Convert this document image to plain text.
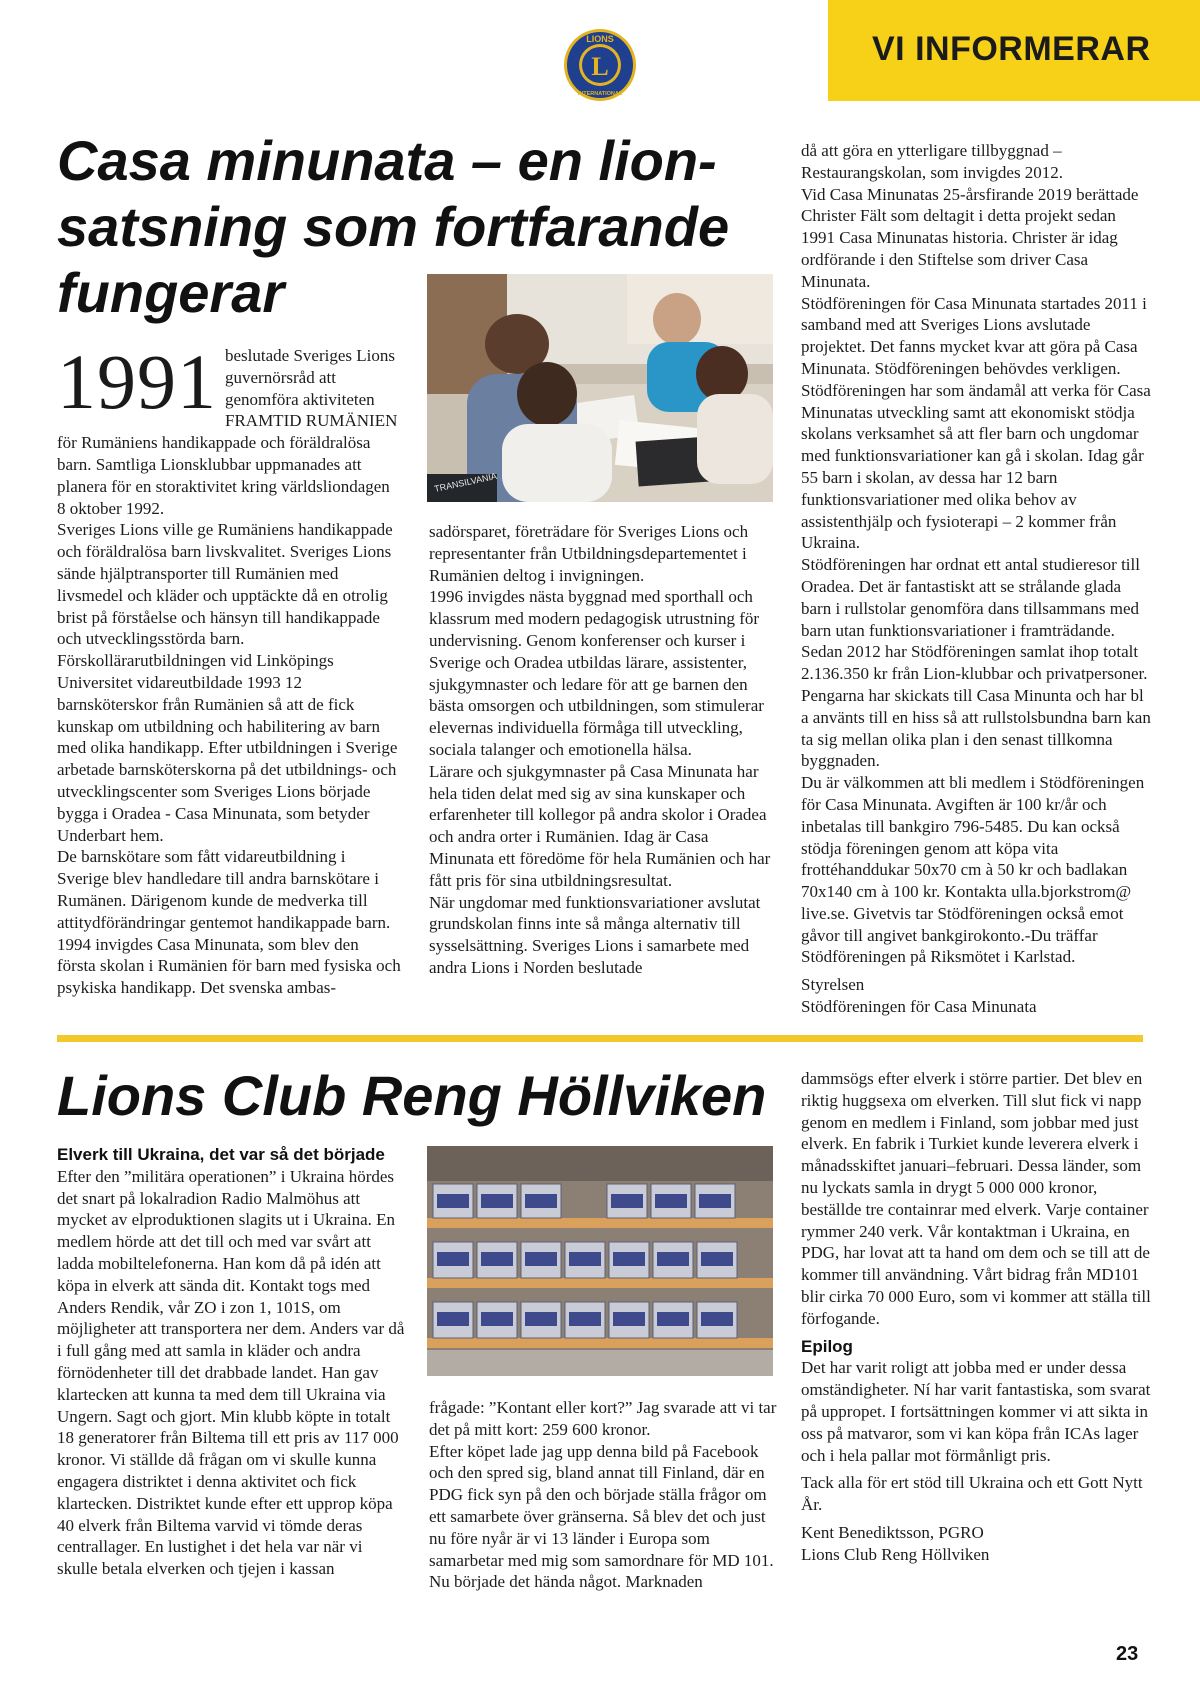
VI INFORMERAR
LIONS
INTERNATIONAL
L
Casa minunata – en lion-satsning som fortfarande fungerar
TRANSILVANIA
1991 beslutade Sveriges Lions guvernörsråd att genomföra aktiviteten FRAMTID RUMÄNIEN för Rumäniens handikappade och föräldralösa barn. Samtliga Lionsklubbar uppmanades att planera för en storaktivitet kring världsliondagen 8 oktober 1992.

Sveriges Lions ville ge Rumäniens handikappade och föräldralösa barn livskvalitet. Sveriges Lions sände hjälptransporter till Rumänien med livsmedel och kläder och upptäckte då en otrolig brist på förståelse och hänsyn till handikappade och utvecklingsstörda barn.

Förskollärarutbildningen vid Linköpings Universitet vidareutbildade 1993 12 barnsköterskor från Rumänien så att de fick kunskap om utbildning och habilitering av barn med olika handikapp. Efter utbildningen i Sverige arbetade barnsköterskorna på det utbildnings- och utvecklingscenter som Sveriges Lions började bygga i Oradea - Casa Minunata, som betyder Underbart hem.

De barnskötare som fått vidareutbildning i Sverige blev handledare till andra barnskötare i Rumänen. Därigenom kunde de medverka till attitydförändringar gentemot handikappade barn.

1994 invigdes Casa Minunata, som blev den första skolan i Rumänien för barn med fysiska och psykiska handikapp. Det svenska ambas-

sadörsparet, företrädare för Sveriges Lions och representanter från Utbildningsdepartementet i Rumänien deltog i invigningen.

1996 invigdes nästa byggnad med sporthall och klassrum med modern pedagogisk utrustning för undervisning. Genom konferenser och kurser i Sverige och Oradea utbildas lärare, assistenter, sjukgymnaster och ledare för att ge barnen den bästa omsorgen och utbildningen, som stimulerar elevernas individuella förmåga till utveckling, sociala talanger och emotionella hälsa.

Lärare och sjukgymnaster på Casa Minunata har hela tiden delat med sig av sina kunskaper och erfarenheter till kollegor på andra skolor i Oradea och andra orter i Rumänien. Idag är Casa Minunata ett föredöme för hela Rumänien och har fått pris för sina utbildningsresultat.

När ungdomar med funktionsvariationer avslutat grundskolan finns inte så många alternativ till sysselsättning. Sveriges Lions i samarbete med andra Lions i Norden beslutade

då att göra en ytterligare tillbyggnad – Restaurangskolan, som invigdes 2012.

Vid Casa Minunatas 25-årsfirande 2019 berättade Christer Fält som deltagit i detta projekt sedan 1991 Casa Minunatas historia. Christer är idag ordförande i den Stiftelse som driver Casa Minunata.

Stödföreningen för Casa Minunata startades 2011 i samband med att Sveriges Lions avslutade projektet. Det fanns mycket kvar att göra på Casa Minunata. Stödföreningen behövdes verkligen. Stödföreningen har som ändamål att verka för Casa Minunatas utveckling samt att ekonomiskt stödja skolans verksamhet så att fler barn och ungdomar med funktionsvariationer kan gå i skolan. Idag går 55 barn i skolan, av dessa har 12 barn funktionsvariationer med olika behov av assistenthjälp och fysioterapi – 2 kommer från Ukraina.

Stödföreningen har ordnat ett antal studieresor till Oradea. Det är fantastiskt att se strålande glada barn i rullstolar genomföra dans tillsammans med barn utan funktionsvariationer i framträdande. Sedan 2012 har Stödföreningen samlat ihop totalt 2.136.350 kr från Lion-klubbar och privatpersoner. Pengarna har skickats till Casa Minunta och har bl a använts till en hiss så att rullstolsbundna barn kan ta sig mellan olika plan i den senast tillkomna byggnaden.

Du är välkommen att bli medlem i Stödföreningen för Casa Minunata. Avgiften är 100 kr/år och inbetalas till bankgiro 796-5485. Du kan också stödja föreningen genom att köpa vita frottéhanddukar 50x70 cm à 50 kr och badlakan 70x140 cm à 100 kr. Kontakta ulla.bjorkstrom@ live.se. Givetvis tar Stödföreningen också emot gåvor till angivet bankgirokonto.-Du träffar Stödföreningen på Riksmötet i Karlstad.

Styrelsen

Stödföreningen för Casa Minunata

Lions Club Reng Höllviken
Elverk till Ukraina, det var så det började

Efter den ”militära operationen” i Ukraina hördes det snart på lokalradion Radio Malmöhus att mycket av elproduktionen slagits ut i Ukraina. En medlem hörde att det till och med var svårt att ladda mobiltelefonerna. Han kom då på idén att köpa in elverk att sända dit. Kontakt togs med Anders Rendik, vår ZO i zon 1, 101S, om möjligheter att transportera ner dem. Anders var då i full gång med att samla in kläder och andra förnödenheter till det drabbade landet. Han gav klartecken att kunna ta med dem till Ukraina via Ungern. Sagt och gjort. Min klubb köpte in totalt 18 generatorer från Biltema till ett pris av 117 000 kronor. Vi ställde då frågan om vi skulle kunna engagera distriktet i denna aktivitet och fick klartecken. Distriktet kunde efter ett upprop köpa 40 elverk från Biltema varvid vi tömde deras centrallager. En lustighet i det hela var när vi skulle betala elverken och tjejen i kassan

frågade: ”Kontant eller kort?” Jag svarade att vi tar det på mitt kort: 259 600 kronor.

Efter köpet lade jag upp denna bild på Facebook och den spred sig, bland annat till Finland, där en PDG fick syn på den och började ställa frågor om ett samarbete över gränserna. Så blev det och just nu före nyår är vi 13 länder i Europa som samarbetar med mig som samordnare för MD 101.

Nu började det hända något. Marknaden

dammsögs efter elverk i större partier. Det blev en riktig huggsexa om elverken. Till slut fick vi napp genom en medlem i Finland, som jobbar med just elverk. En fabrik i Turkiet kunde leverera elverk i månadsskiftet januari–februari. Dessa länder, som nu lyckats samla in drygt 5 000 000 kronor, beställde tre containrar med elverk. Varje container rymmer 240 verk. Vår kontaktman i Ukraina, en PDG, har lovat att ta hand om dem och se till att de kommer till användning. Vårt bidrag från MD101 blir cirka 70 000 Euro, som vi kommer att ställa till förfogande.

Epilog

Det har varit roligt att jobba med er under dessa omständigheter. Ní har varit fantastiska, som svarat på uppropet. I fortsättningen kommer vi att sikta in oss på matvaror, som vi kan köpa från ICAs lager och i hela pallar mot förmånligt pris.

Tack alla för ert stöd till Ukraina och ett Gott Nytt År.

Kent Benediktsson, PGRO

Lions Club Reng Höllviken

23
